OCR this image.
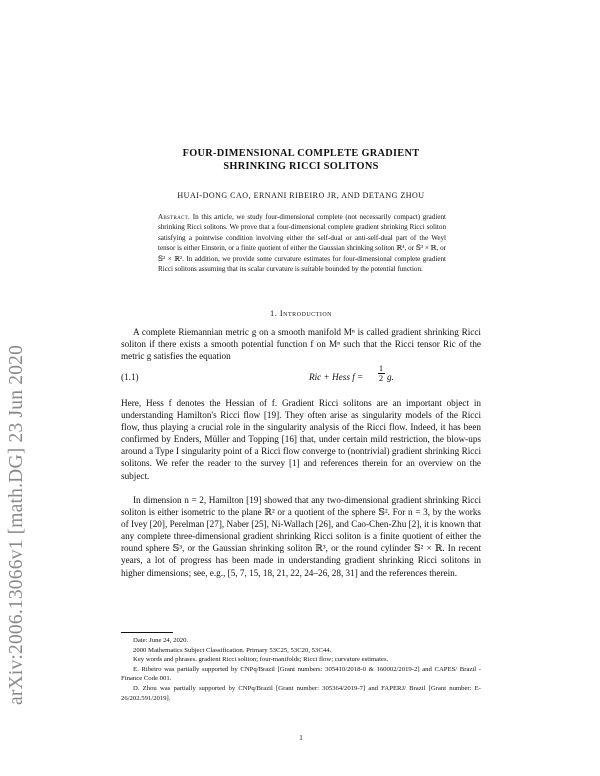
arXiv:2006.13066v1 [math.DG] 23 Jun 2020
FOUR-DIMENSIONAL COMPLETE GRADIENT
SHRINKING RICCI SOLITONS
HUAI-DONG CAO, ERNANI RIBEIRO JR, AND DETANG ZHOU
Abstract. In this article, we study four-dimensional complete (not necessarily compact) gradient shrinking Ricci solitons. We prove that a four-dimensional complete gradient shrinking Ricci soliton satisfying a pointwise condition involving either the self-dual or anti-self-dual part of the Weyl tensor is either Einstein, or a finite quotient of either the Gaussian shrinking soliton ℝ⁴, or 𝕊³ × ℝ, or 𝕊² × ℝ². In addition, we provide some curvature estimates for four-dimensional complete gradient Ricci solitons assuming that its scalar curvature is suitable bounded by the potential function.
1. Introduction
A complete Riemannian metric g on a smooth manifold Mⁿ is called gradient shrinking Ricci soliton if there exists a smooth potential function f on Mⁿ such that the Ricci tensor Ric of the metric g satisfies the equation
(1.1)	Ric + Hess f =
1
2 g.
Here, Hess f denotes the Hessian of f. Gradient Ricci solitons are an important object in understanding Hamilton's Ricci flow [19]. They often arise as singularity models of the Ricci flow, thus playing a crucial role in the singularity analysis of the Ricci flow. Indeed, it has been confirmed by Enders, Müller and Topping [16] that, under certain mild restriction, the blow-ups around a Type I singularity point of a Ricci flow converge to (nontrivial) gradient shrinking Ricci solitons. We refer the reader to the survey [1] and references therein for an overview on the subject.
In dimension n = 2, Hamilton [19] showed that any two-dimensional gradient shrinking Ricci soliton is either isometric to the plane ℝ² or a quotient of the sphere 𝕊². For n = 3, by the works of Ivey [20], Perelman [27], Naber [25], Ni-Wallach [26], and Cao-Chen-Zhu [2], it is known that any complete three-dimensional gradient shrinking Ricci soliton is a finite quotient of either the round sphere 𝕊³, or the Gaussian shrinking soliton ℝ³, or the round cylinder 𝕊² × ℝ. In recent years, a lot of progress has been made in understanding gradient shrinking Ricci solitons in higher dimensions; see, e.g., [5, 7, 15, 18, 21, 22, 24–26, 28, 31] and the references therein.

Date: June 24, 2020.

2000 Mathematics Subject Classification. Primary 53C25, 53C20, 53C44.

Key words and phrases. gradient Ricci soliton; four-manifolds; Ricci flow; curvature estimates.

E. Ribeiro was partially supported by CNPq/Brazil [Grant numbers: 305410/2018-0 & 160002/2019-2] and CAPES/ Brazil - Finance Code 001.

D. Zhou was partially supported by CNPq/Brazil [Grant number: 305364/2019-7] and FAPERJ/ Brazil [Grant number: E-26/202.591/2019].

1
